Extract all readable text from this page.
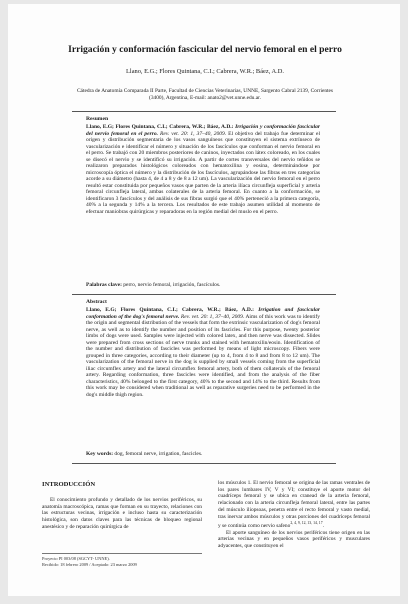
Irrigación y conformación fascicular del nervio femoral en el perro
Llano, E.G.; Flores Quintana, C.I.; Cabrera, W.R.; Báez, A.D.
Cátedra de Anatomía Comparada II Parte, Facultad de Ciencias Veterinarias, UNNE, Sargento Cabral 2139, Corrientes (3400), Argentina, E-mail: anato2@vet.unne.edu.ar.
Resumen
Llano, E.G; Flores Quintana, C.I.; Cabrera, W.R.; Báez, A.D.: Irrigación y conformación fascicular del nervio femoral en el perro. Rev. vet. 20: 1, 37–40, 2009. El objetivo del trabajo fue determinar el origen y distribución segmentaria de los vasos sanguíneos que constituyen el sistema extrínseco de vascularización e identificar el número y situación de los fascículos que conforman el nervio femoral en el perro. Se trabajó con 20 miembros posteriores de caninos, inyectados con látex coloreado, en los cuales se disecó el nervio y se identificó su irrigación. A partir de cortes transversales del nervio teñidos se realizaron preparados histológicos coloreados con hematoxilina y eosina, determinándose por microscopía óptica el número y la distribución de los fascículos, agrupándose las fibras en tres categorías acorde a su diámetro (hasta 4, de 4 a 8 y de 8 a 12 um). La vascularización del nervio femoral en el perro resultó estar constituida por pequeños vasos que parten de la arteria ilíaca circunfleja superficial y arteria femoral circunfleja lateral, ambas colaterales de la arteria femoral. En cuanto a la conformación, se identificaron 3 fascículos y del análisis de sus fibras surgió que el 40% perteneció a la primera categoría, 40% a la segunda y 14% a la tercera. Los resultados de este trabajo asumen utilidad al momento de efectuar maniobras quirúrgicas y reparadoras en la región medial del muslo en el perro.
Palabras clave: perro, nervio femoral, irrigación, fascículos.
Abstract
Llano, E.G; Flores Quintana, C.I.; Cabrera, W.R.; Báez, A.D.: Irrigation and fascicular conformation of the dog's femoral nerve. Rev. vet. 20: 1, 37–40, 2009. Aims of this work was to identify the origin and segmental distribution of the vessels that form the extrinsic vascularization of dog's femoral nerve, as well as to identify the number and position of its fascicles. For this purpose, twenty posterior limbs of dogs were used. Samples were injected with colored latex, and then nerve was dissected. Slides were prepared from cross sections of nerve trunks and stained with hematoxilin/eosin. Identification of the number and distribution of fascicles was performed by means of light microscopy. Fibers were grouped in three categories, according to their diameter (up to 4, from 4 to 8 and from 8 to 12 um). The vascularization of the femoral nerve in the dog is supplied by small vessels coming from the superficial iliac circumflex artery and the lateral circumflex femoral artery, both of them collaterals of the femoral artery. Regarding conformation, three fascicles were identified, and from the analysis of the fiber characteristics, 40% belonged to the first category, 40% to the second and 14% to the third. Results from this work may be considered when traditional as well as reparative surgeries need to be performed in the dog's middle thigh region.
Key words: dog, femoral nerve, irrigation, fascicles.
INTRODUCCIÓN
El conocimiento profundo y detallado de los nervios periféricos, su anatomía macroscópica, ramas que forman en su trayecto, relaciones con las estructuras vecinas, irrigación e incluso hasta su caracterización histológica, son datos claves para las técnicas de bloqueo regional anestésico y de reparación quirúrgica de
los músculos 1. El nervio femoral se origina de las ramas ventrales de los pares lumbares IV, V y VI; constituye el aporte motor del cuadríceps femoral y se ubica en cranead de la arteria femoral, relacionado con la arteria circunfleja femoral lateral, entre las partes del músculo iliopsoas, penetra entre el recto femoral y vasto medial, tras inervar ambos músculos y otras porciones del cuadríceps femoral y se continúa como nervio safeno$^{2, 4, 9, 12, 13, 14, 17}$.
El aporte sanguíneo de los nervios periféricos tiene origen en las arterias vecinas y en pequeños vasos periféricos y musculares adyacentes, que constituyen el
Proyecto PI 003/08 (SGCYT- UNNE).
Recibido: 18 febrero 2009 / Aceptado: 23 marzo 2009
